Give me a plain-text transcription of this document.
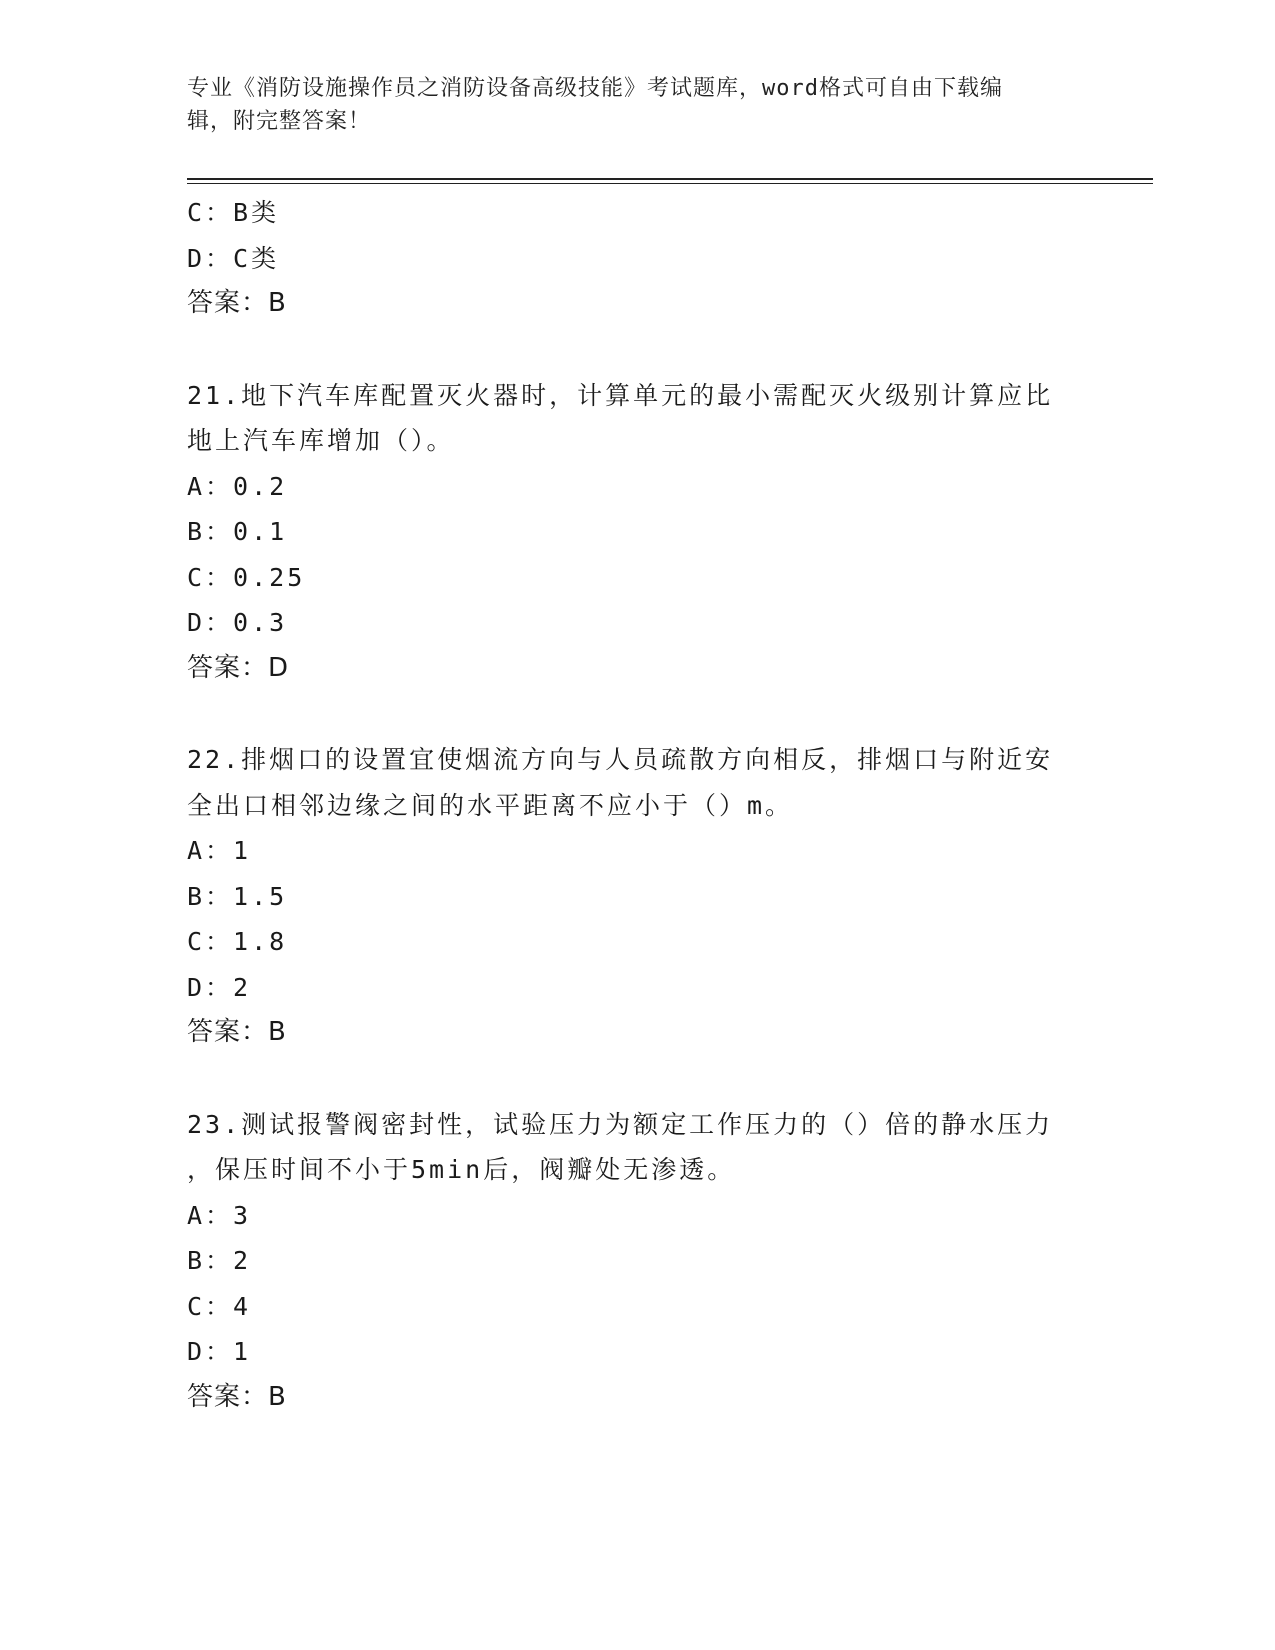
专业《消防设施操作员之消防设备高级技能》考试题库，word格式可自由下载编
辑，附完整答案！
C：B类
D：C类
答案：B
21.地下汽车库配置灭火器时，计算单元的最小需配灭火级别计算应比
地上汽车库增加（）。
A：0.2
B：0.1
C：0.25
D：0.3
答案：D
22.排烟口的设置宜使烟流方向与人员疏散方向相反，排烟口与附近安
全出口相邻边缘之间的水平距离不应小于（）m。
A：1
B：1.5
C：1.8
D：2
答案：B
23.测试报警阀密封性，试验压力为额定工作压力的（）倍的静水压力
，保压时间不小于5min后，阀瓣处无渗透。
A：3
B：2
C：4
D：1
答案：B
